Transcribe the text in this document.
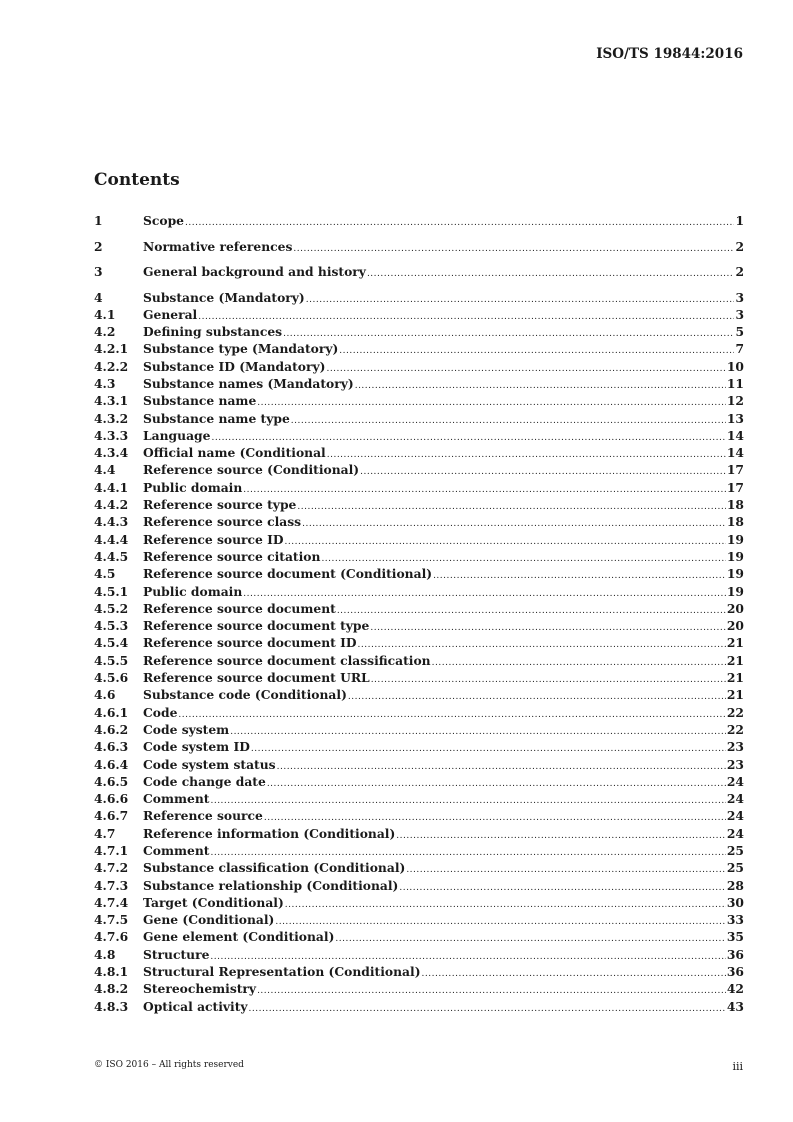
ISO/TS 19844:2016
Contents
1	Scope .....	1
2	Normative references .....	2
3	General background and history .....	2
4	Substance (Mandatory) .....	3
4.1	General .....	3
4.2	Defining substances .....	5
4.2.1	Substance type (Mandatory) .....	7
4.2.2	Substance ID (Mandatory) .....	10
4.3	Substance names (Mandatory) .....	11
4.3.1	Substance name .....	12
4.3.2	Substance name type .....	13
4.3.3	Language .....	14
4.3.4	Official name (Conditional .....	14
4.4	Reference source (Conditional) .....	17
4.4.1	Public domain .....	17
4.4.2	Reference source type .....	18
4.4.3	Reference source class .....	18
4.4.4	Reference source ID .....	19
4.4.5	Reference source citation .....	19
4.5	Reference source document (Conditional) .....	19
4.5.1	Public domain .....	19
4.5.2	Reference source document .....	20
4.5.3	Reference source document type .....	20
4.5.4	Reference source document ID .....	21
4.5.5	Reference source document classification .....	21
4.5.6	Reference source document URL .....	21
4.6	Substance code (Conditional) .....	21
4.6.1	Code .....	22
4.6.2	Code system .....	22
4.6.3	Code system ID .....	23
4.6.4	Code system status .....	23
4.6.5	Code change date .....	24
4.6.6	Comment .....	24
4.6.7	Reference source .....	24
4.7	Reference information (Conditional) .....	24
4.7.1	Comment .....	25
4.7.2	Substance classification (Conditional) .....	25
4.7.3	Substance relationship (Conditional) .....	28
4.7.4	Target (Conditional) .....	30
4.7.5	Gene (Conditional) .....	33
4.7.6	Gene element (Conditional) .....	35
4.8	Structure .....	36
4.8.1	Structural Representation (Conditional) .....	36
4.8.2	Stereochemistry .....	42
4.8.3	Optical activity .....	43
© ISO 2016 – All rights reserved	iii
